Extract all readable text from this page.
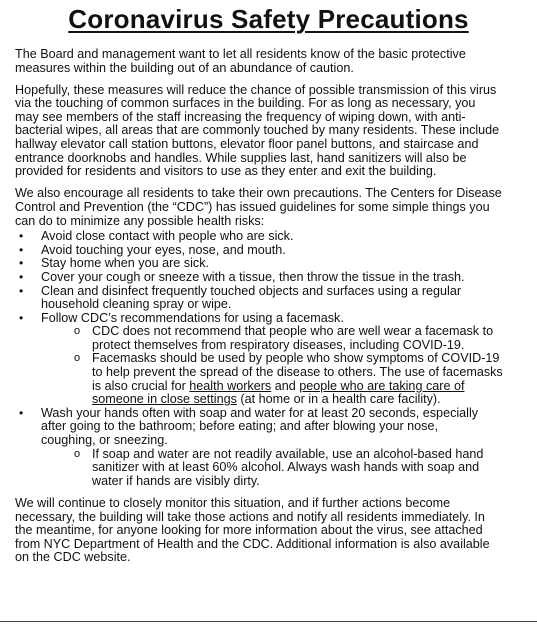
Coronavirus Safety Precautions
The Board and management want to let all residents know of the basic protective
measures within the building out of an abundance of caution.
Hopefully, these measures will reduce the chance of possible transmission of this virus
via the touching of common surfaces in the building. For as long as necessary, you
may see members of the staff increasing the frequency of wiping down, with anti-
bacterial wipes, all areas that are commonly touched by many residents. These include
hallway elevator call station buttons, elevator floor panel buttons, and staircase and
entrance doorknobs and handles. While supplies last, hand sanitizers will also be
provided for residents and visitors to use as they enter and exit the building.
We also encourage all residents to take their own precautions. The Centers for Disease
Control and Prevention (the “CDC”) has issued guidelines for some simple things you
can do to minimize any possible health risks:
•	Avoid close contact with people who are sick.
•	Avoid touching your eyes, nose, and mouth.
•	Stay home when you are sick.
•	Cover your cough or sneeze with a tissue, then throw the tissue in the trash.
•	Clean and disinfect frequently touched objects and surfaces using a regular
household cleaning spray or wipe.
•	Follow CDC’s recommendations for using a facemask.
o CDC does not recommend that people who are well wear a facemask to
protect themselves from respiratory diseases, including COVID-19.
o Facemasks should be used by people who show symptoms of COVID-19
to help prevent the spread of the disease to others. The use of facemasks
is also crucial for health workers and people who are taking care of
someone in close settings (at home or in a health care facility).
•	Wash your hands often with soap and water for at least 20 seconds, especially
after going to the bathroom; before eating; and after blowing your nose,
coughing, or sneezing.
o If soap and water are not readily available, use an alcohol-based hand
sanitizer with at least 60% alcohol. Always wash hands with soap and
water if hands are visibly dirty.
We will continue to closely monitor this situation, and if further actions become
necessary, the building will take those actions and notify all residents immediately. In
the meantime, for anyone looking for more information about the virus, see attached
from NYC Department of Health and the CDC. Additional information is also available
on the CDC website.
